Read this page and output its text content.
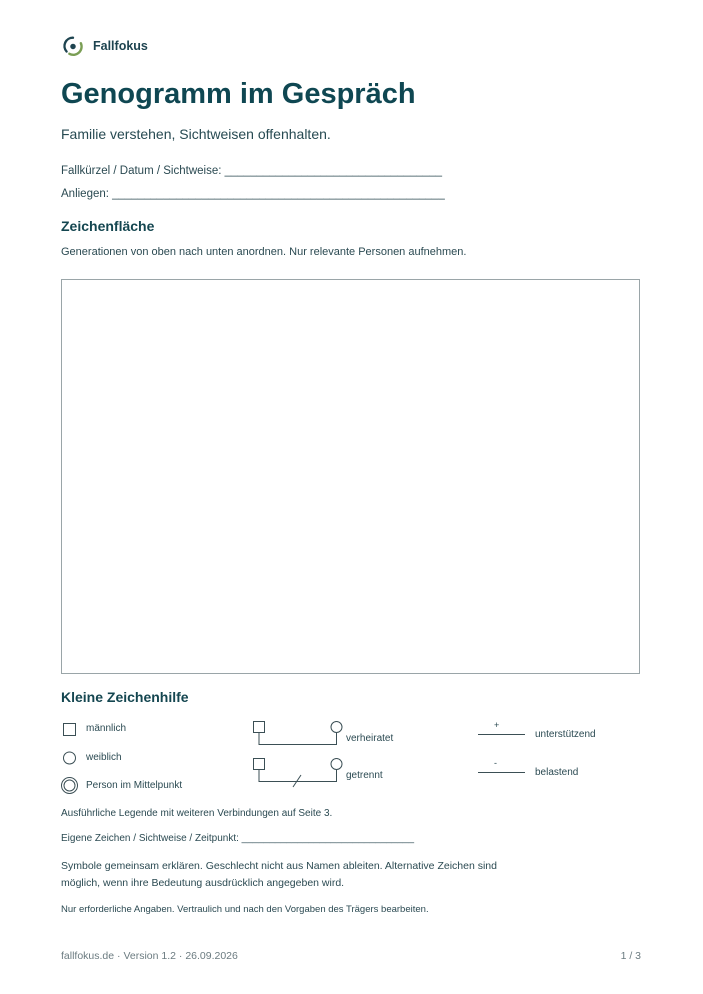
Fallfokus
Genogramm im Gespräch
Familie verstehen, Sichtweisen offenhalten.
Fallkürzel / Datum / Sichtweise: __________________________________
Anliegen: ____________________________________________________
Zeichenfläche
Generationen von oben nach unten anordnen. Nur relevante Personen aufnehmen.
Kleine Zeichenhilfe
männlich
weiblich
Person im Mittelpunkt
verheiratet
getrennt
+
-
unterstützend
belastend
Ausführliche Legende mit weiteren Verbindungen auf Seite 3.
Eigene Zeichen / Sichtweise / Zeitpunkt: _______________________________
Symbole gemeinsam erklären. Geschlecht nicht aus Namen ableiten. Alternative Zeichen sind möglich, wenn ihre Bedeutung ausdrücklich angegeben wird.
Nur erforderliche Angaben. Vertraulich und nach den Vorgaben des Trägers bearbeiten.
fallfokus.de · Version 1.2 · 26.09.2026	1 / 3
